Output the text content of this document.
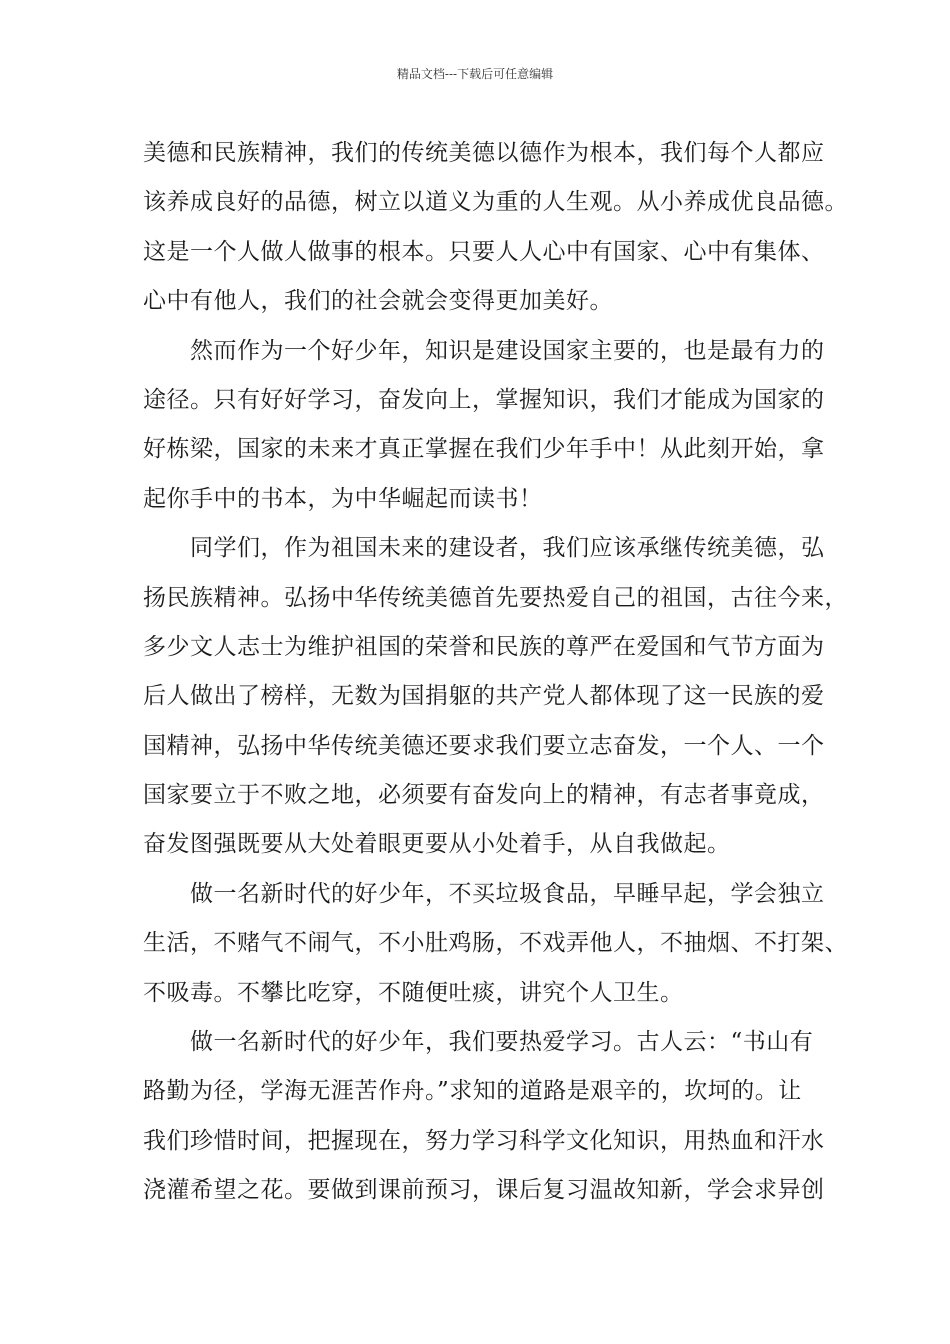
精品文档---下载后可任意编辑
美德和民族精神，我们的传统美德以德作为根本，我们每个人都应
该养成良好的品德，树立以道义为重的人生观。从小养成优良品德。
这是一个人做人做事的根本。只要人人心中有国家、心中有集体、
心中有他人，我们的社会就会变得更加美好。
然而作为一个好少年，知识是建设国家主要的，也是最有力的
途径。只有好好学习，奋发向上，掌握知识，我们才能成为国家的
好栋梁，国家的未来才真正掌握在我们少年手中！从此刻开始，拿
起你手中的书本，为中华崛起而读书！
同学们，作为祖国未来的建设者，我们应该承继传统美德，弘
扬民族精神。弘扬中华传统美德首先要热爱自己的祖国，古往今来，
多少文人志士为维护祖国的荣誉和民族的尊严在爱国和气节方面为
后人做出了榜样，无数为国捐躯的共产党人都体现了这一民族的爱
国精神，弘扬中华传统美德还要求我们要立志奋发，一个人、一个
国家要立于不败之地，必须要有奋发向上的精神，有志者事竟成，
奋发图强既要从大处着眼更要从小处着手，从自我做起。
做一名新时代的好少年，不买垃圾食品，早睡早起，学会独立
生活，不赌气不闹气，不小肚鸡肠，不戏弄他人，不抽烟、不打架、
不吸毒。不攀比吃穿，不随便吐痰，讲究个人卫生。
做一名新时代的好少年，我们要热爱学习。古人云：“书山有
路勤为径，学海无涯苦作舟。”求知的道路是艰辛的，坎坷的。让
我们珍惜时间，把握现在，努力学习科学文化知识，用热血和汗水
浇灌希望之花。要做到课前预习，课后复习温故知新，学会求异创
